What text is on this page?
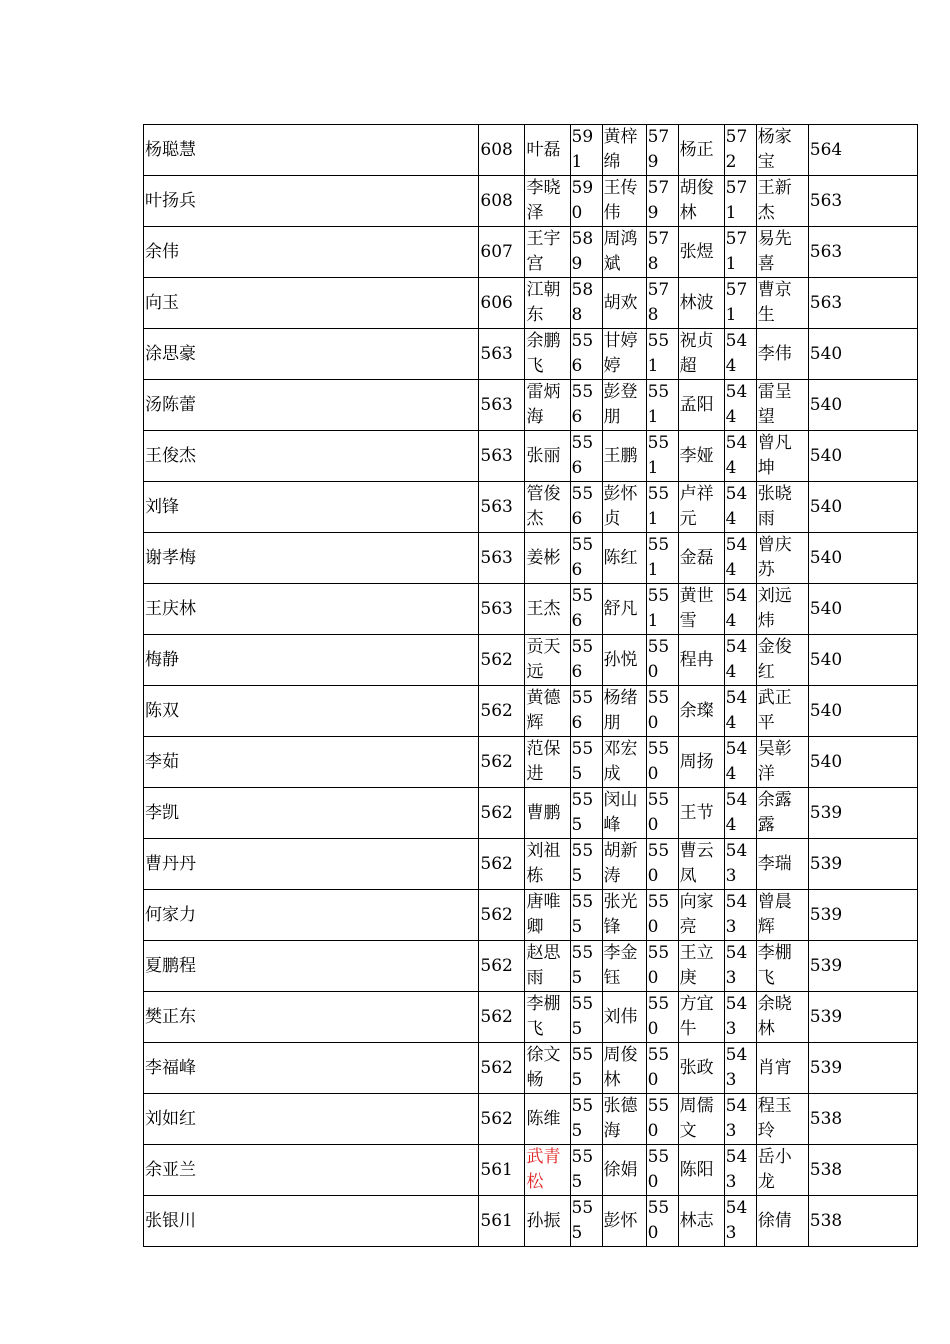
杨聪慧	608	叶磊	591	黄梓绵	579	杨正	572	杨家宝	564
叶扬兵	608	李晓泽	590	王传伟	579	胡俊林	571	王新杰	563
余伟	607	王宇宫	589	周鸿斌	578	张煜	571	易先喜	563
向玉	606	江朝东	588	胡欢	578	林波	571	曹京生	563
涂思豪	563	余鹏飞	556	甘婷婷	551	祝贞超	544	李伟	540
汤陈蕾	563	雷炳海	556	彭登朋	551	孟阳	544	雷呈望	540
王俊杰	563	张丽	556	王鹏	551	李娅	544	曾凡坤	540
刘锋	563	管俊杰	556	彭怀贞	551	卢祥元	544	张晓雨	540
谢孝梅	563	姜彬	556	陈红	551	金磊	544	曾庆苏	540
王庆林	563	王杰	556	舒凡	551	黄世雪	544	刘远炜	540
梅静	562	贡天远	556	孙悦	550	程冉	544	金俊红	540
陈双	562	黄德辉	556	杨绪朋	550	余璨	544	武正平	540
李茹	562	范保进	555	邓宏成	550	周扬	544	吴彰洋	540
李凯	562	曹鹏	555	闵山峰	550	王节	544	余露露	539
曹丹丹	562	刘祖栋	555	胡新涛	550	曹云凤	543	李瑞	539
何家力	562	唐唯卿	555	张光锋	550	向家亮	543	曾晨辉	539
夏鹏程	562	赵思雨	555	李金钰	550	王立庚	543	李棚飞	539
樊正东	562	李棚飞	555	刘伟	550	方宜牛	543	余晓林	539
李福峰	562	徐文畅	555	周俊林	550	张政	543	肖宵	539
刘如红	562	陈维	555	张德海	550	周儒文	543	程玉玲	538
余亚兰	561	武青松	555	徐娟	550	陈阳	543	岳小龙	538
张银川	561	孙振	555	彭怀	550	林志	543	徐倩	538
